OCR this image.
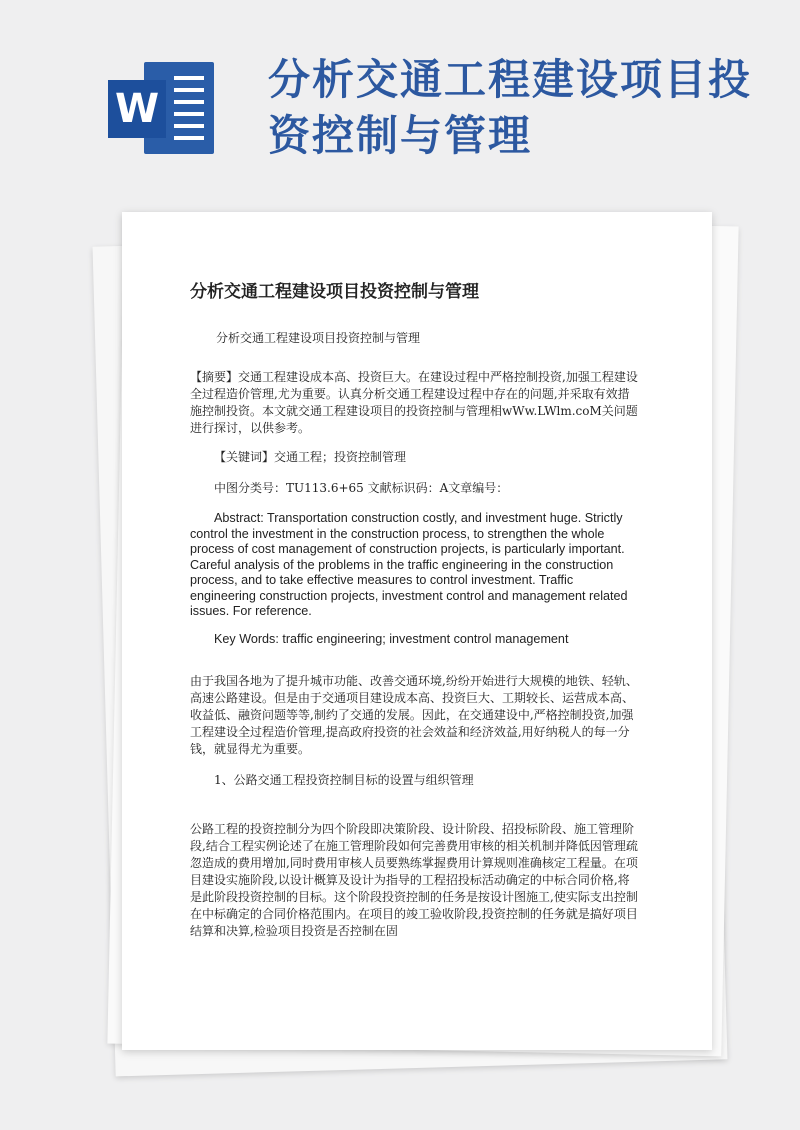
W
分析交通工程建设项目投资控制与管理
分析交通工程建设项目投资控制与管理

分析交通工程建设项目投资控制与管理

【摘要】交通工程建设成本高、投资巨大。在建设过程中严格控制投资,加强工程建设全过程造价管理,尤为重要。认真分析交通工程建设过程中存在的问题,并采取有效措施控制投资。本文就交通工程建设项目的投资控制与管理相wWw.LWlm.coM关问题进行探讨，以供参考。

【关键词】交通工程；投资控制管理

中图分类号：TU113.6+65 文献标识码：A文章编号：

Abstract: Transportation construction costly, and investment huge. Strictly control the investment in the construction process, to strengthen the whole process of cost management of construction projects, is particularly important. Careful analysis of the problems in the traffic engineering in the construction process, and to take effective measures to control investment. Traffic engineering construction projects, investment control and management related issues. For reference.

Key Words: traffic engineering; investment control management

由于我国各地为了提升城市功能、改善交通环境,纷纷开始进行大规模的地铁、轻轨、高速公路建设。但是由于交通项目建设成本高、投资巨大、工期较长、运营成本高、收益低、融资问题等等,制约了交通的发展。因此，在交通建设中,严格控制投资,加强工程建设全过程造价管理,提高政府投资的社会效益和经济效益,用好纳税人的每一分钱，就显得尤为重要。

1、公路交通工程投资控制目标的设置与组织管理

公路工程的投资控制分为四个阶段即决策阶段、设计阶段、招投标阶段、施工管理阶段,结合工程实例论述了在施工管理阶段如何完善费用审核的相关机制并降低因管理疏忽造成的费用增加,同时费用审核人员要熟练掌握费用计算规则准确核定工程量。在项目建设实施阶段,以设计概算及设计为指导的工程招投标活动确定的中标合同价格,将是此阶段投资控制的目标。这个阶段投资控制的任务是按设计图施工,使实际支出控制在中标确定的合同价格范围内。在项目的竣工验收阶段,投资控制的任务就是搞好项目结算和决算,检验项目投资是否控制在固
